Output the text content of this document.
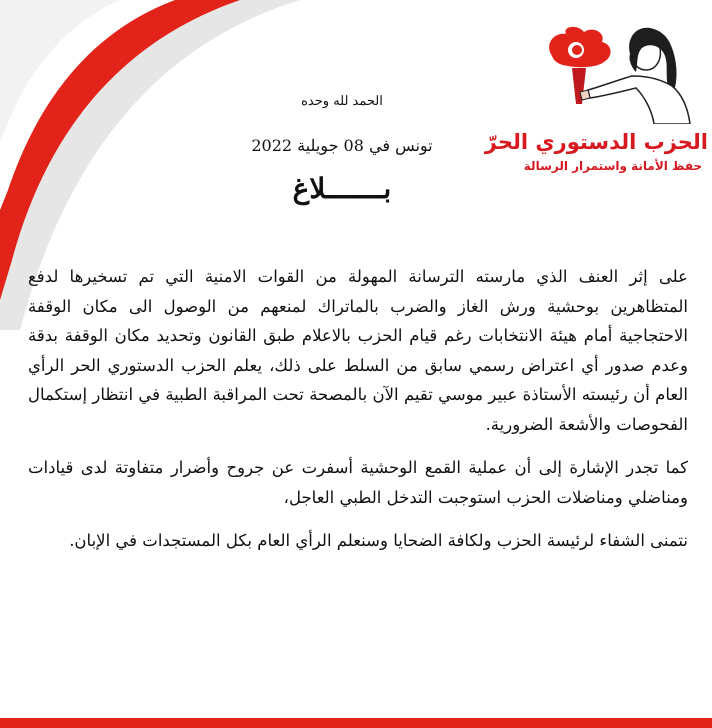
الحزب الدستوري الحرّ
حفظ الأمانة واستمرار الرسالة
الحمد لله وحده
تونس في 08 جويلية 2022
بـــــــلاغ

على إثر العنف الذي مارسته الترسانة المهولة من القوات الامنية التي تم تسخيرها لدفع المتظاهرين بوحشية ورش الغاز والضرب بالماتراك لمنعهم من الوصول الى مكان الوقفة الاحتجاجية أمام هيئة الانتخابات رغم قيام الحزب بالاعلام طبق القانون وتحديد مكان الوقفة بدقة وعدم صدور أي اعتراض رسمي سابق من السلط على ذلك، يعلم الحزب الدستوري الحر الرأي العام أن رئيسته الأستاذة عبير موسي تقيم الآن بالمصحة تحت المراقبة الطبية في انتظار إستكمال الفحوصات والأشعة الضرورية.

كما تجدر الإشارة إلى أن عملية القمع الوحشية أسفرت عن جروح وأضرار متفاوتة لدى قيادات ومناضلي ومناضلات الحزب استوجبت التدخل الطبي العاجل،

نتمنى الشفاء لرئيسة الحزب ولكافة الضحايا وسنعلم الرأي العام بكل المستجدات في الإبان.
